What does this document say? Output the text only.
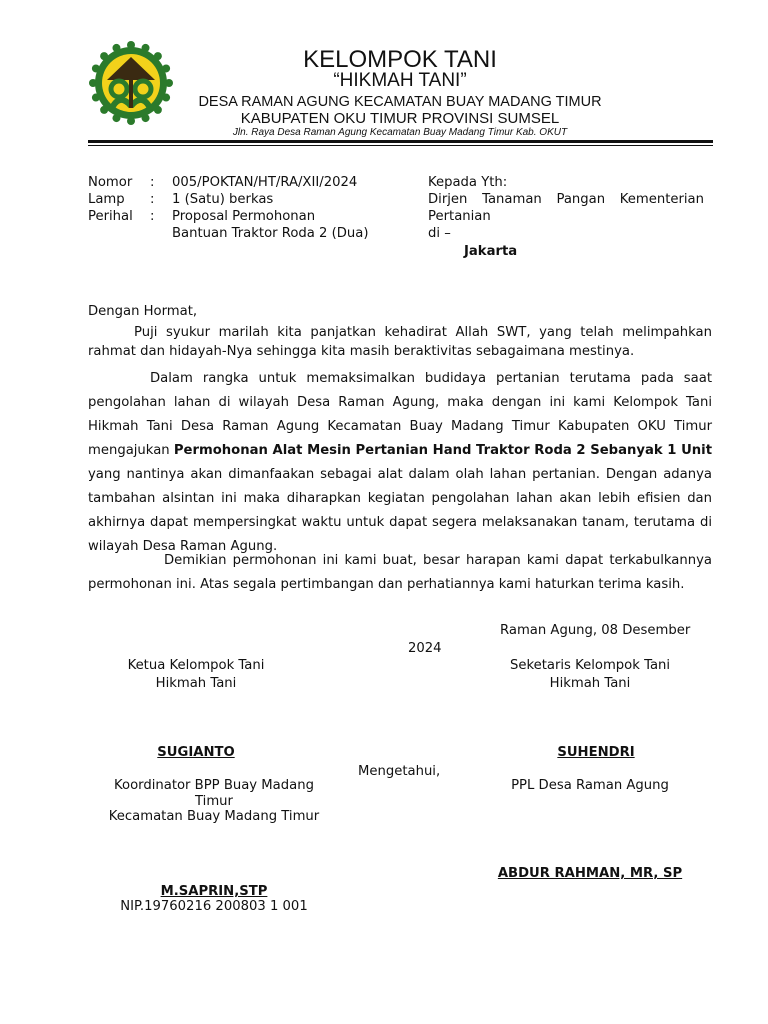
KELOMPOK TANI
“HIKMAH TANI”
DESA RAMAN AGUNG KECAMATAN BUAY MADANG TIMUR
KABUPATEN OKU TIMUR PROVINSI SUMSEL
Jln. Raya Desa Raman Agung Kecamatan Buay Madang Timur Kab. OKUT
Nomor : 005/POKTAN/HT/RA/XII/2024
Lamp : 1 (Satu) berkas
Perihal : Proposal Permohonan
Bantuan Traktor Roda 2 (Dua)
Kepada Yth:
Dirjen Tanaman Pangan Kementerian
Pertanian
di –
Jakarta
Dengan Hormat,
Puji syukur marilah kita panjatkan kehadirat Allah SWT, yang telah melimpahkan rahmat dan hidayah-Nya sehingga kita masih beraktivitas sebagaimana mestinya.
Dalam rangka untuk memaksimalkan budidaya pertanian terutama pada saat pengolahan lahan di wilayah Desa Raman Agung, maka dengan ini kami Kelompok Tani Hikmah Tani Desa Raman Agung Kecamatan Buay Madang Timur Kabupaten OKU Timur mengajukan Permohonan Alat Mesin Pertanian Hand Traktor Roda 2 Sebanyak 1 Unit yang nantinya akan dimanfaakan sebagai alat dalam olah lahan pertanian. Dengan adanya tambahan alsintan ini maka diharapkan kegiatan pengolahan lahan akan lebih efisien dan akhirnya dapat mempersingkat waktu untuk dapat segera melaksanakan tanam, terutama di wilayah Desa Raman Agung.
Demikian permohonan ini kami buat, besar harapan kami dapat terkabulkannya permohonan ini. Atas segala pertimbangan dan perhatiannya kami haturkan terima kasih.
Raman Agung, 08 Desember
2024
Ketua Kelompok Tani
Hikmah Tani
SUGIANTO
Seketaris Kelompok Tani
Hikmah Tani
SUHENDRI
Mengetahui,
Koordinator BPP Buay Madang
Timur
Kecamatan Buay Madang Timur
PPL Desa Raman Agung
ABDUR RAHMAN, MR, SP
M.SAPRIN,STP
NIP.19760216 200803 1 001
